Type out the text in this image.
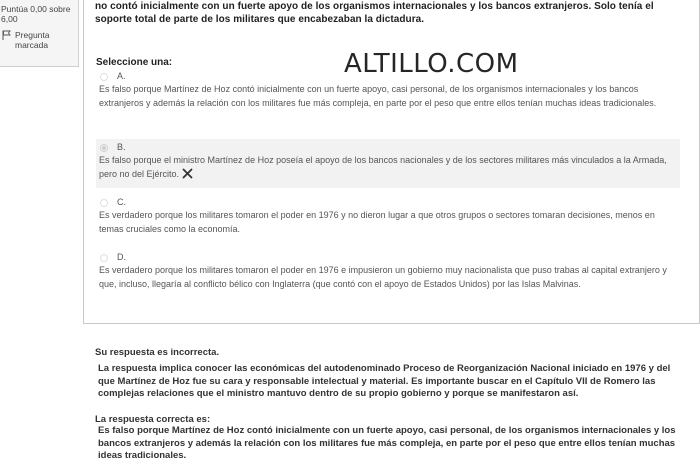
Puntúa 0,00 sobre 6,00
Pregunta marcada
no contó inicialmente con un fuerte apoyo de los organismos internacionales y los bancos extranjeros. Solo tenía el soporte total de parte de los militares que encabezaban la dictadura.
Seleccione una:	ALTILLO.COM
A.
Es falso porque Martínez de Hoz contó inicialmente con un fuerte apoyo, casi personal, de los organismos internacionales y los bancos extranjeros y además la relación con los militares fue más compleja, en parte por el peso que entre ellos tenían muchas ideas tradicionales.
B.
Es falso porque el ministro Martínez de Hoz poseía el apoyo de los bancos nacionales y de los sectores militares más vinculados a la Armada, pero no del Ejército.
C.
Es verdadero porque los militares tomaron el poder en 1976 y no dieron lugar a que otros grupos o sectores tomaran decisiones, menos en temas cruciales como la economía.
D.
Es verdadero porque los militares tomaron el poder en 1976 e impusieron un gobierno muy nacionalista que puso trabas al capital extranjero y que, incluso, llegaría al conflicto bélico con Inglaterra (que contó con el apoyo de Estados Unidos) por las Islas Malvinas.
Su respuesta es incorrecta.
La respuesta implica conocer las económicas del autodenominado Proceso de Reorganización Nacional iniciado en 1976 y del que Martínez de Hoz fue su cara y responsable intelectual y material. Es importante buscar en el Capítulo VII de Romero las complejas relaciones que el ministro mantuvo dentro de su propio gobierno y porque se manifestaron así.
La respuesta correcta es:
Es falso porque Martínez de Hoz contó inicialmente con un fuerte apoyo, casi personal, de los organismos internacionales y los bancos extranjeros y además la relación con los militares fue más compleja, en parte por el peso que entre ellos tenían muchas ideas tradicionales.
